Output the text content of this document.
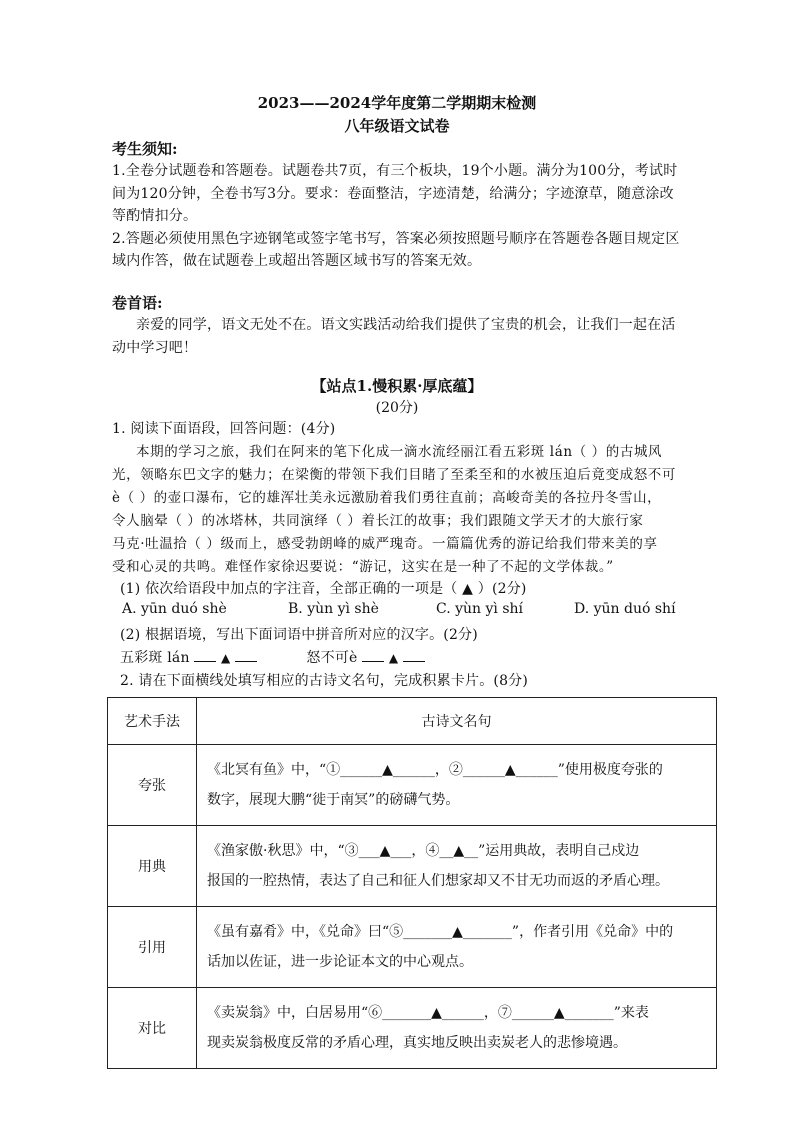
2023——2024学年度第二学期期末检测
八年级语文试卷
考生须知:
1.全卷分试题卷和答题卷。试题卷共7页，有三个板块，19个小题。满分为100分，考试时
间为120分钟，全卷书写3分。要求：卷面整洁，字迹清楚，给满分；字迹潦草，随意涂改
等酌情扣分。
2.答题必须使用黑色字迹钢笔或签字笔书写，答案必须按照题号顺序在答题卷各题目规定区
域内作答，做在试题卷上或超出答题区域书写的答案无效。
卷首语:
亲爱的同学，语文无处不在。语文实践活动给我们提供了宝贵的机会，让我们一起在活
动中学习吧！
【站点1.慢积累·厚底蕴】
(20分)
1. 阅读下面语段，回答问题：(4分)
本期的学习之旅，我们在阿来的笔下化成一滴水流经丽江看五彩斑 lán（ ）的古城风
光，领略东巴文字的魅力；在梁衡的带领下我们目睹了至柔至和的水被压迫后竟变成怒不可
è（ ）的壶口瀑布，它的雄浑壮美永远激励着我们勇往直前；高峻奇美的各拉丹冬雪山，
令人脑晕（ ）的冰塔林，共同演绎（ ）着长江的故事；我们跟随文学天才的大旅行家
马克·吐温拾（ ）级而上，感受勃朗峰的威严瑰奇。一篇篇优秀的游记给我们带来美的享
受和心灵的共鸣。难怪作家徐迟要说：“游记，这实在是一种了不起的文学体裁。”
(1) 依次给语段中加点的字注音，全部正确的一项是（ ▲ ）(2分)
A. yūn duó shè	B. yùn yì shè	C. yùn yì shí	D. yūn duó shí
(2) 根据语境，写出下面词语中拼音所对应的汉字。(2分)
五彩斑 lán	▲	怒不可è	▲
2. 请在下面横线处填写相应的古诗文名句，完成积累卡片。(8分)
艺术手法	古诗文名句
夸张	《北冥有鱼》中，“①______▲______，②______▲______”使用极度夸张的
数字，展现大鹏“徙于南冥”的磅礴气势。

用典	《渔家傲·秋思》中，“③___▲___，④__▲__”运用典故，表明自己戍边
报国的一腔热情，表达了自己和征人们想家却又不甘无功而返的矛盾心理。

引用	《虽有嘉肴》中，《兑命》曰“⑤_______▲_______”，作者引用《兑命》中的
话加以佐证，进一步论证本文的中心观点。

对比	《卖炭翁》中，白居易用“⑥_______▲______，⑦______▲_______”来表
现卖炭翁极度反常的矛盾心理，真实地反映出卖炭老人的悲惨境遇。
